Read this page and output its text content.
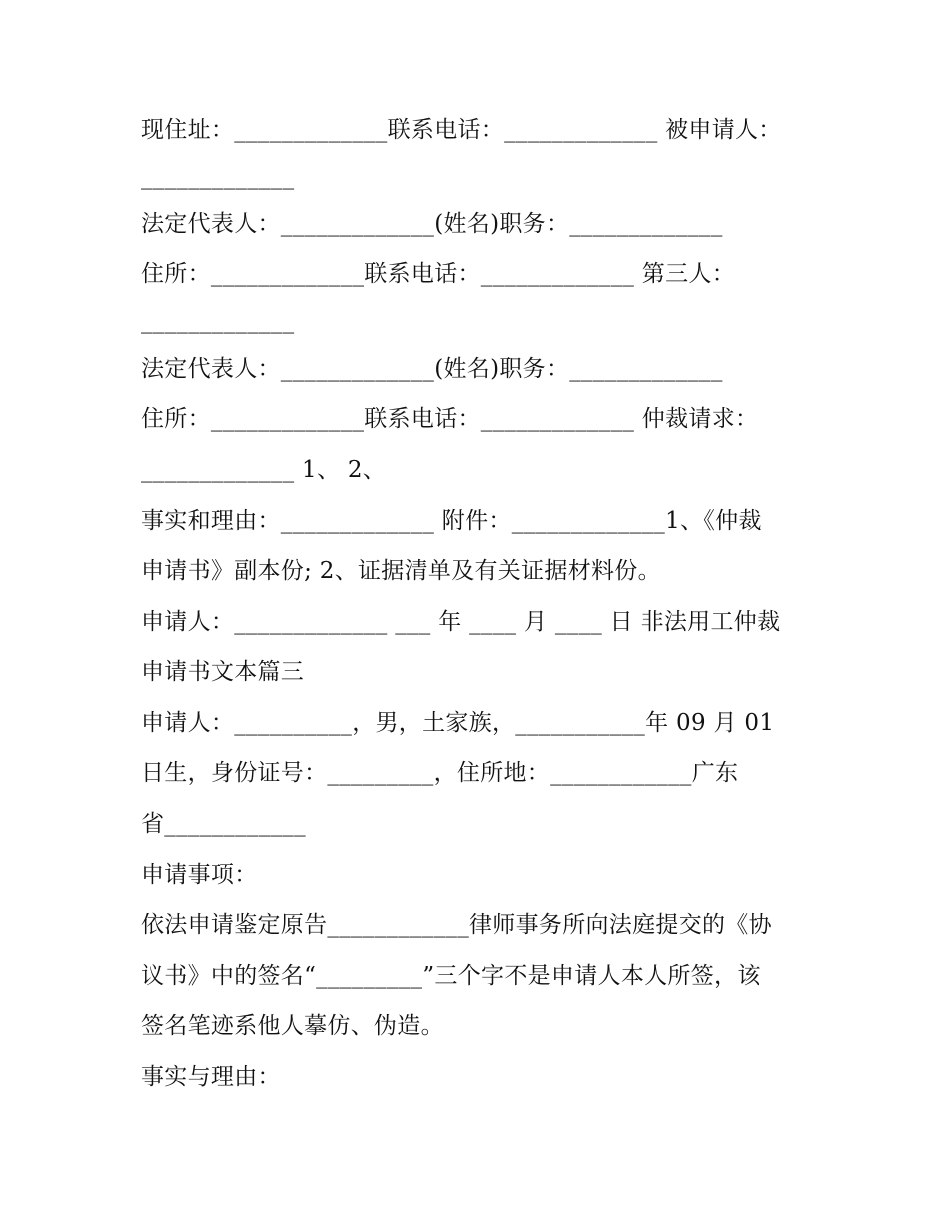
现住址：_____________联系电话：_____________ 被申请人：

_____________

法定代表人：_____________(姓名)职务：_____________

住所：_____________联系电话：_____________ 第三人：

_____________

法定代表人：_____________(姓名)职务：_____________

住所：_____________联系电话：_____________ 仲裁请求：

_____________ 1、 2、

事实和理由：_____________ 附件：_____________1、《仲裁

申请书》副本份; 2、证据清单及有关证据材料份。

申请人：_____________ ___ 年 ____ 月 ____ 日 非法用工仲裁

申请书文本篇三

申请人：__________，男，土家族，___________年 09 月 01

日生，身份证号：_________，住所地：____________广东

省____________

申请事项：

依法申请鉴定原告____________律师事务所向法庭提交的《协

议书》中的签名“_________”三个字不是申请人本人所签，该

签名笔迹系他人摹仿、伪造。

事实与理由：
